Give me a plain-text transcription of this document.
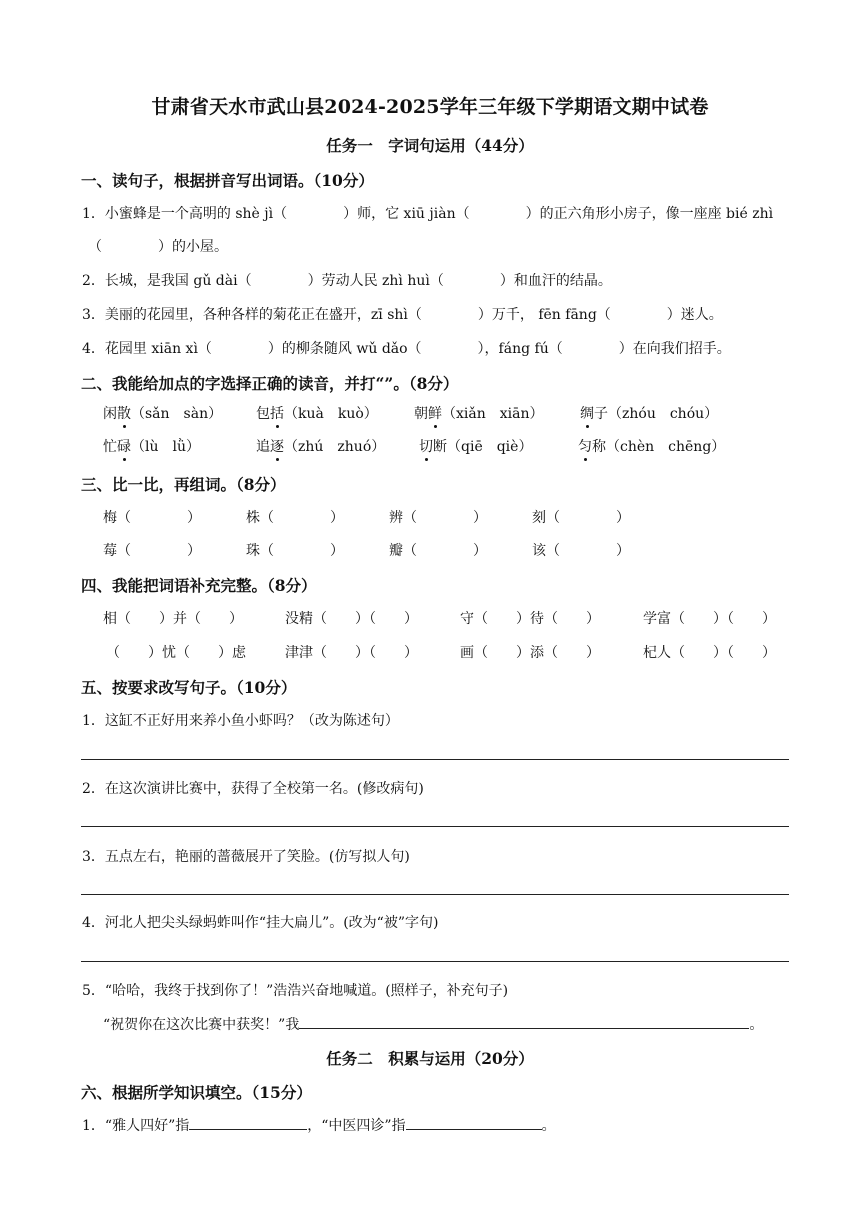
甘肃省天水市武山县2024-2025学年三年级下学期语文期中试卷
任务一　字词句运用（44分）
一、读句子，根据拼音写出词语。（10分）
1．小蜜蜂是一个高明的 shè jì（　　　　）师，它 xiū jiàn（　　　　）的正六角形小房子，像一座座 bié zhì
（　　　　）的小屋。
2．长城，是我国 gǔ dài（　　　　）劳动人民 zhì huì（　　　　）和血汗的结晶。
3．美丽的花园里，各种各样的菊花正在盛开，zī shì（　　　　）万千， fēn fāng（　　　　）迷人。
4．花园里 xiān xì（　　　　）的柳条随风 wǔ dǎo（　　　　），fáng fú（　　　　）在向我们招手。
二、我能给加点的字选择正确的读音，并打“”。（8分）
闲散（sǎn　sàn） 包括（kuà　kuò）	朝鲜（xiǎn　xiān）	绸子（zhóu　chóu）
忙碌（lù　lǜ）	追逐（zhú　zhuó） 切断（qiē　qiè）	匀称（chèn　chēng）
三、比一比，再组词。（8分）
梅（　　　　）	株（　　　　）	辨（　　　　）	刻（　　　　）
莓（　　　　）	珠（　　　　）	瓣（　　　　）	该（　　　　）
四、我能把词语补充完整。（8分）
相（　　）并（　　）	没精（　　）（　　）	守（　　）待（　　）	学富（　　）（　　）
（　　）忧（　　）虑	津津（　　）（　　）	画（　　）添（　　）	杞人（　　）（　　）
五、按要求改写句子。（10分）
1．这缸不正好用来养小鱼小虾吗？（改为陈述句）
2．在这次演讲比赛中，获得了全校第一名。(修改病句)
3．五点左右，艳丽的蔷薇展开了笑脸。(仿写拟人句)
4．河北人把尖头绿蚂蚱叫作“挂大扁儿”。(改为“被”字句)
5．“哈哈，我终于找到你了！”浩浩兴奋地喊道。(照样子，补充句子)
“祝贺你在这次比赛中获奖！”我	。
任务二　积累与运用（20分）
六、根据所学知识填空。（15分）
1．“雅人四好”指	，“中医四诊”指	。
